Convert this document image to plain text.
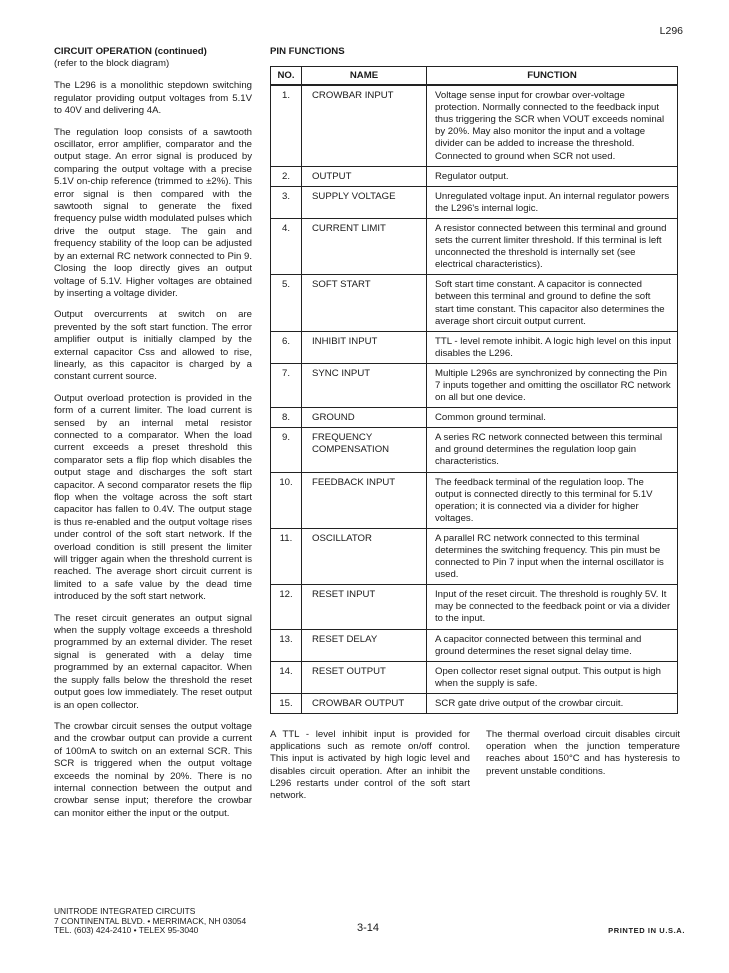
L296
CIRCUIT OPERATION (continued)
(refer to the block diagram)

The L296 is a monolithic stepdown switching regulator providing output voltages from 5.1V to 40V and delivering 4A.

The regulation loop consists of a sawtooth oscillator, error amplifier, comparator and the output stage. An error signal is produced by comparing the output voltage with a precise 5.1V on-chip reference (trimmed to ±2%). This error signal is then compared with the sawtooth signal to generate the fixed frequency pulse width modulated pulses which drive the output stage. The gain and frequency stability of the loop can be adjusted by an external RC network connected to Pin 9. Closing the loop directly gives an output voltage of 5.1V. Higher voltages are obtained by inserting a voltage divider.

Output overcurrents at switch on are prevented by the soft start function. The error amplifier output is initially clamped by the external capacitor Css and allowed to rise, linearly, as this capacitor is charged by a constant current source.

Output overload protection is provided in the form of a current limiter. The load current is sensed by an internal metal resistor connected to a comparator. When the load current exceeds a preset threshold this comparator sets a flip flop which disables the output stage and discharges the soft start capacitor. A second comparator resets the flip flop when the voltage across the soft start capacitor has fallen to 0.4V. The output stage is thus re-enabled and the output voltage rises under control of the soft start network. If the overload condition is still present the limiter will trigger again when the threshold current is reached. The average short circuit current is limited to a safe value by the dead time introduced by the soft start network.

The reset circuit generates an output signal when the supply voltage exceeds a threshold programmed by an external divider. The reset signal is generated with a delay time programmed by an external capacitor. When the supply falls below the threshold the reset output goes low immediately. The reset output is an open collector.

The crowbar circuit senses the output voltage and the crowbar output can provide a current of 100mA to switch on an external SCR. This SCR is triggered when the output voltage exceeds the nominal by 20%. There is no internal connection between the output and crowbar sense input; therefore the crowbar can monitor either the input or the output.

PIN FUNCTIONS
NO.	NAME	FUNCTION
1.	CROWBAR INPUT	Voltage sense input for crowbar over-voltage protection. Normally connected to the feedback input thus triggering the SCR when VOUT exceeds nominal by 20%. May also monitor the input and a voltage divider can be added to increase the threshold. Connected to ground when SCR not used.
2.	OUTPUT	Regulator output.
3.	SUPPLY VOLTAGE	Unregulated voltage input. An internal regulator powers the L296's internal logic.
4.	CURRENT LIMIT	A resistor connected between this terminal and ground sets the current limiter threshold. If this terminal is left unconnected the threshold is internally set (see electrical characteristics).
5.	SOFT START	Soft start time constant. A capacitor is connected between this terminal and ground to define the soft start time constant. This capacitor also determines the average short circuit output current.
6.	INHIBIT INPUT	TTL - level remote inhibit. A logic high level on this input disables the L296.
7.	SYNC INPUT	Multiple L296s are synchronized by connecting the Pin 7 inputs together and omitting the oscillator RC network on all but one device.
8.	GROUND	Common ground terminal.
9.	FREQUENCY COMPENSATION	A series RC network connected between this terminal and ground determines the regulation loop gain characteristics.
10.	FEEDBACK INPUT	The feedback terminal of the regulation loop. The output is connected directly to this terminal for 5.1V operation; it is connected via a divider for higher voltages.
11.	OSCILLATOR	A parallel RC network connected to this terminal determines the switching frequency. This pin must be connected to Pin 7 input when the internal oscillator is used.
12.	RESET INPUT	Input of the reset circuit. The threshold is roughly 5V. It may be connected to the feedback point or via a divider to the input.
13.	RESET DELAY	A capacitor connected between this terminal and ground determines the reset signal delay time.
14.	RESET OUTPUT	Open collector reset signal output. This output is high when the supply is safe.
15.	CROWBAR OUTPUT	SCR gate drive output of the crowbar circuit.
A TTL - level inhibit input is provided for applications such as remote on/off control. This input is activated by high logic level and disables circuit operation. After an inhibit the L296 restarts under control of the soft start network.
The thermal overload circuit disables circuit operation when the junction temperature reaches about 150°C and has hysteresis to prevent unstable conditions.
UNITRODE INTEGRATED CIRCUITS
7 CONTINENTAL BLVD. • MERRIMACK, NH 03054
TEL. (603) 424-2410 • TELEX 95-3040	3-14	PRINTED IN U.S.A.
